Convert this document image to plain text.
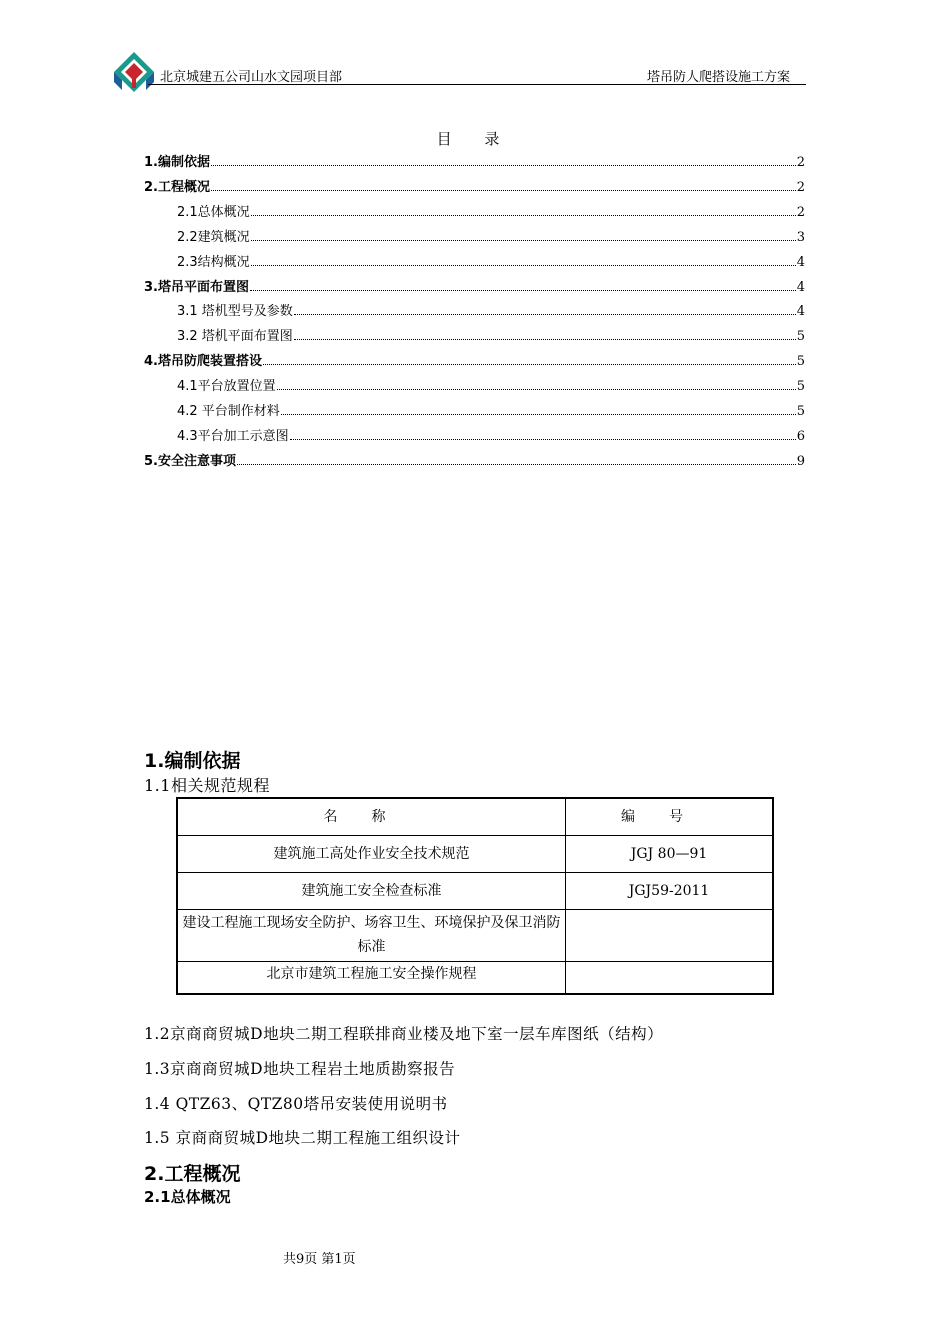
北京城建五公司山水文园项目部	塔吊防人爬搭设施工方案
目 录
1.编制依据	2
2.工程概况	2
2.1总体概况	2
2.2建筑概况	3
2.3结构概况	4
3.塔吊平面布置图	4
3.1 塔机型号及参数	4
3.2 塔机平面布置图	5
4.塔吊防爬装置搭设	5
4.1平台放置位置	5
4.2 平台制作材料	5
4.3平台加工示意图	6
5.安全注意事项	9
1.编制依据
1.1相关规范规程
名称	编号
建筑施工高处作业安全技术规范	JGJ 80—91
建筑施工安全检查标准	JGJ59-2011
建设工程施工现场安全防护、场容卫生、环境保护及保卫消防标准	
北京市建筑工程施工安全操作规程	
1.2京商商贸城D地块二期工程联排商业楼及地下室一层车库图纸（结构）
1.3京商商贸城D地块工程岩土地质勘察报告
1.4 QTZ63、QTZ80塔吊安装使用说明书
1.5 京商商贸城D地块二期工程施工组织设计
2.工程概况
2.1总体概况
共9页 第1页
